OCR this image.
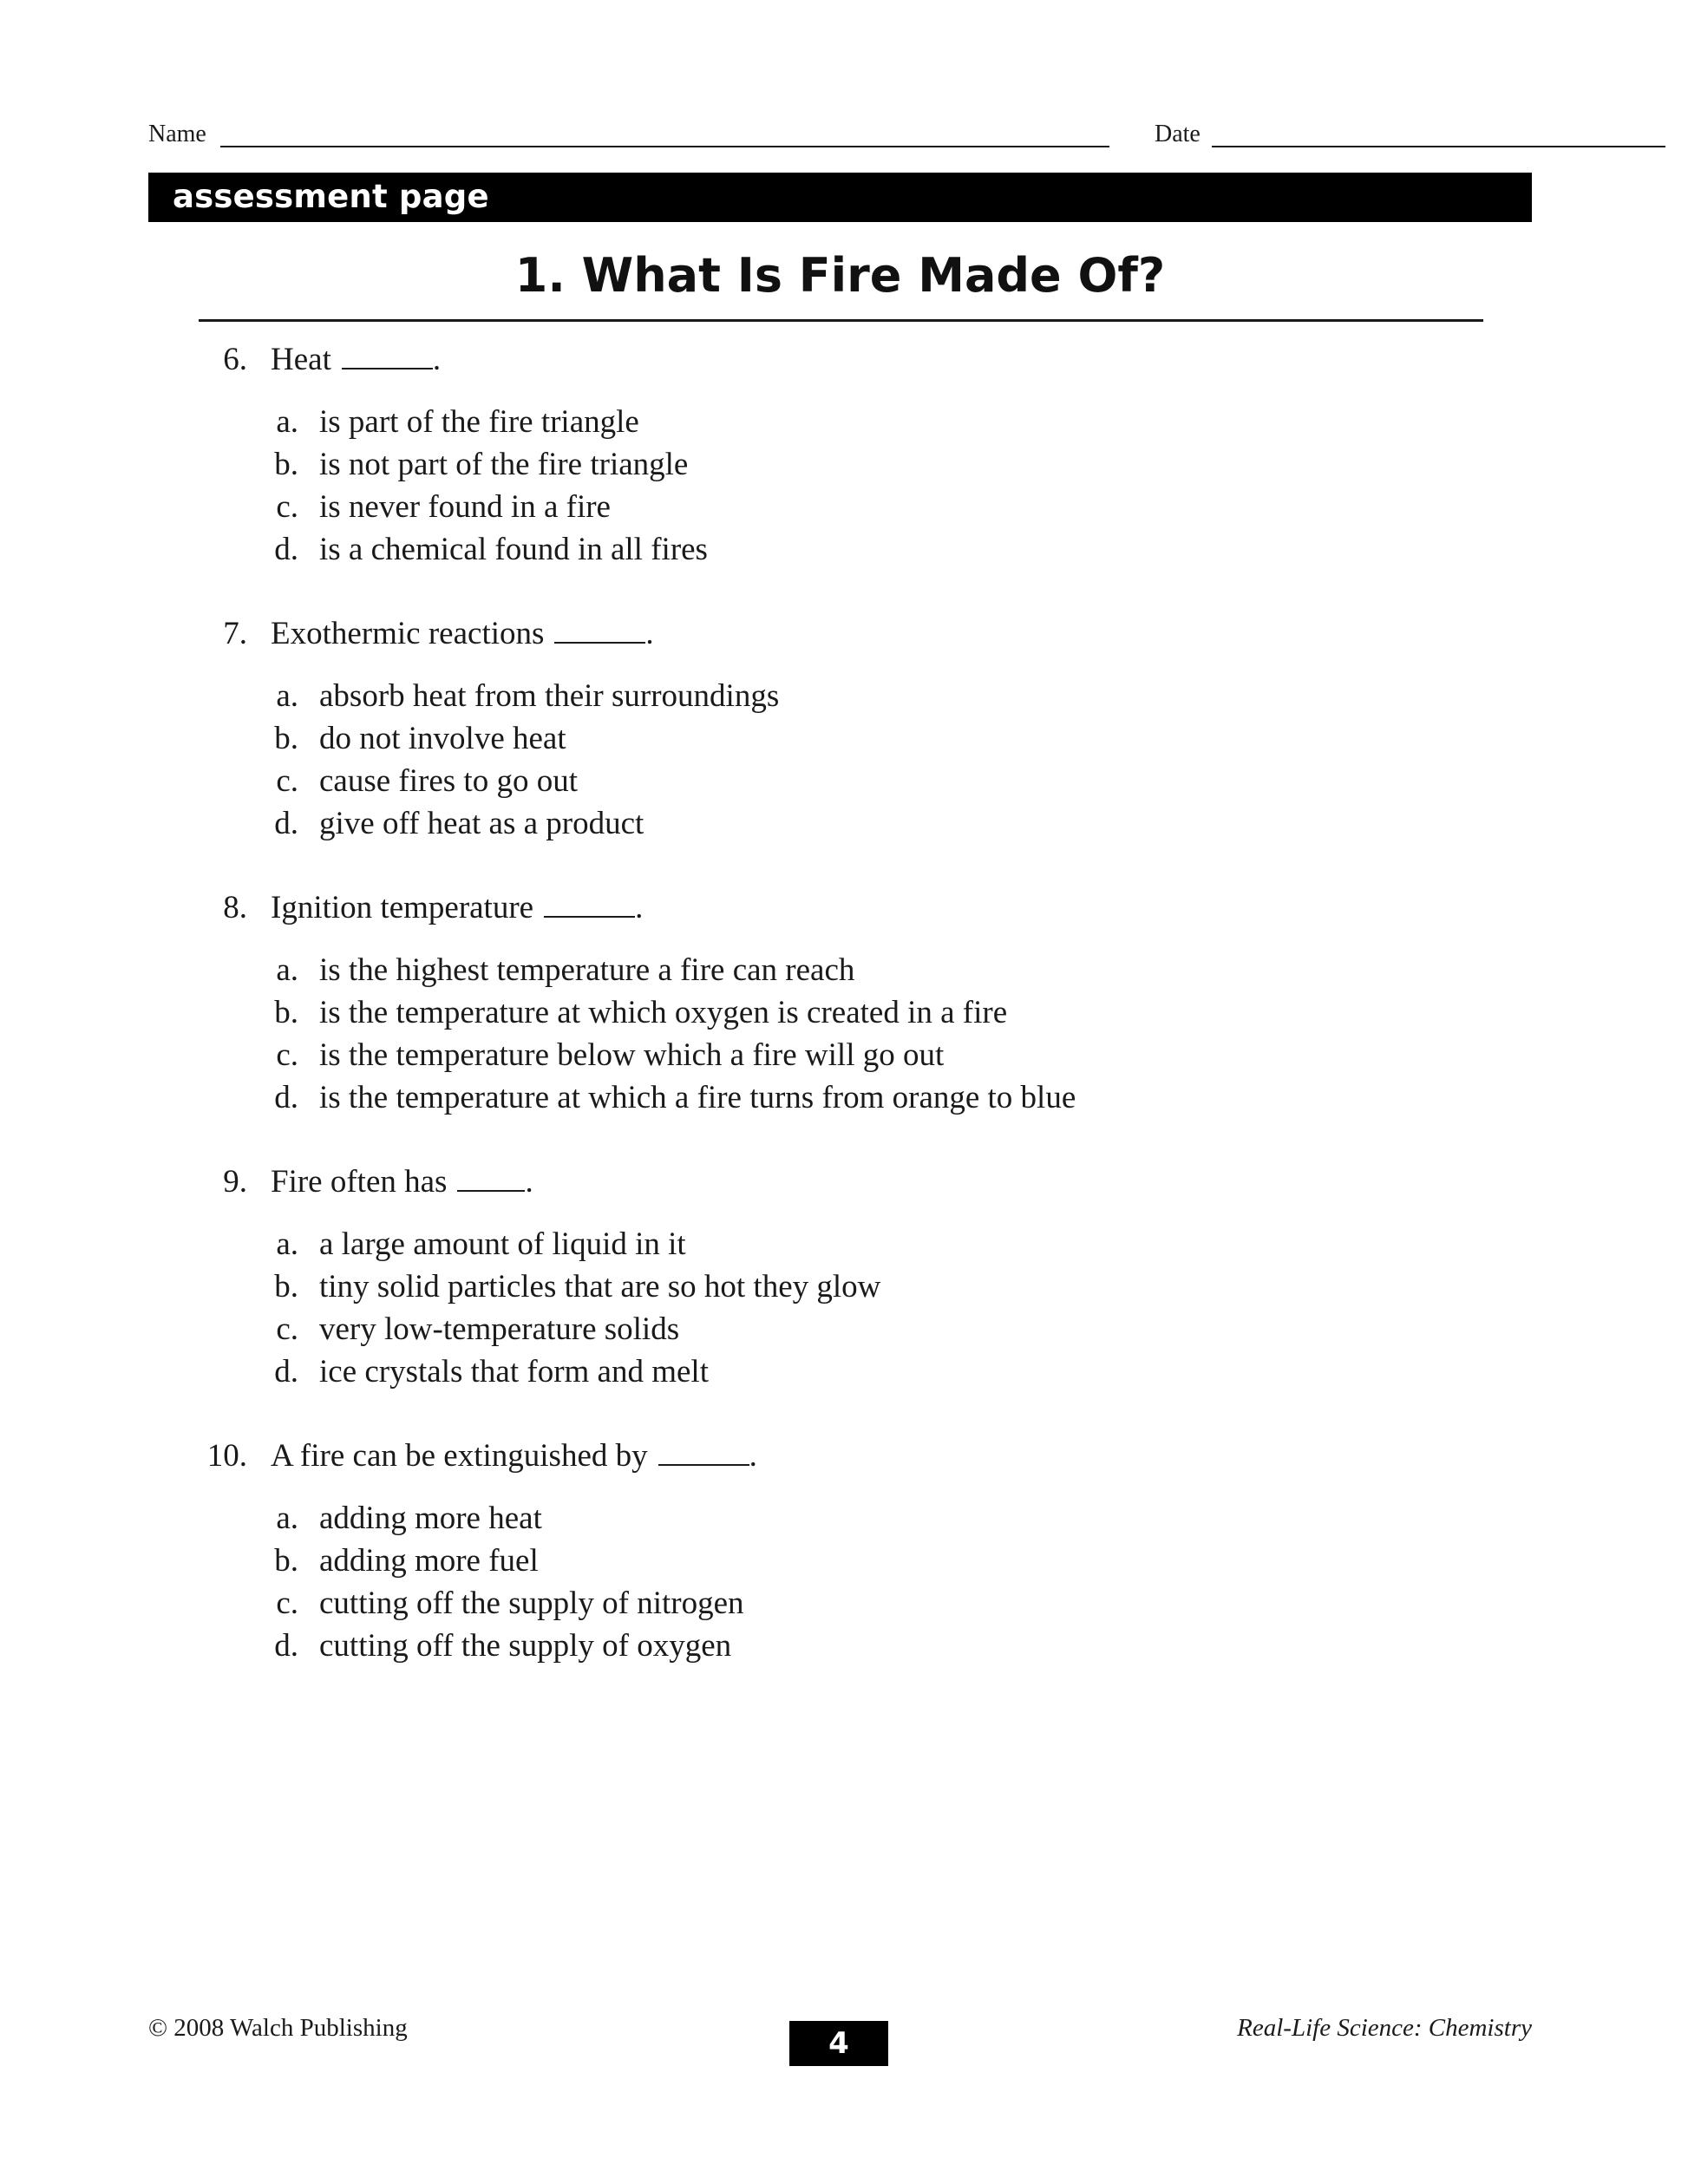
Name	Date
assessment page
1. What Is Fire Made Of?
6. Heat	.
a. is part of the fire triangle
b. is not part of the fire triangle
c. is never found in a fire
d. is a chemical found in all fires
7. Exothermic reactions	.
a. absorb heat from their surroundings
b. do not involve heat
c. cause fires to go out
d. give off heat as a product
8. Ignition temperature	.
a. is the highest temperature a fire can reach
b. is the temperature at which oxygen is created in a fire
c. is the temperature below which a fire will go out
d. is the temperature at which a fire turns from orange to blue
9. Fire often has .
a. a large amount of liquid in it
b. tiny solid particles that are so hot they glow
c. very low-temperature solids
d. ice crystals that form and melt
10. A fire can be extinguished by	.
a. adding more heat
b. adding more fuel
c. cutting off the supply of nitrogen
d. cutting off the supply of oxygen
© 2008 Walch Publishing	4	Real-Life Science: Chemistry
